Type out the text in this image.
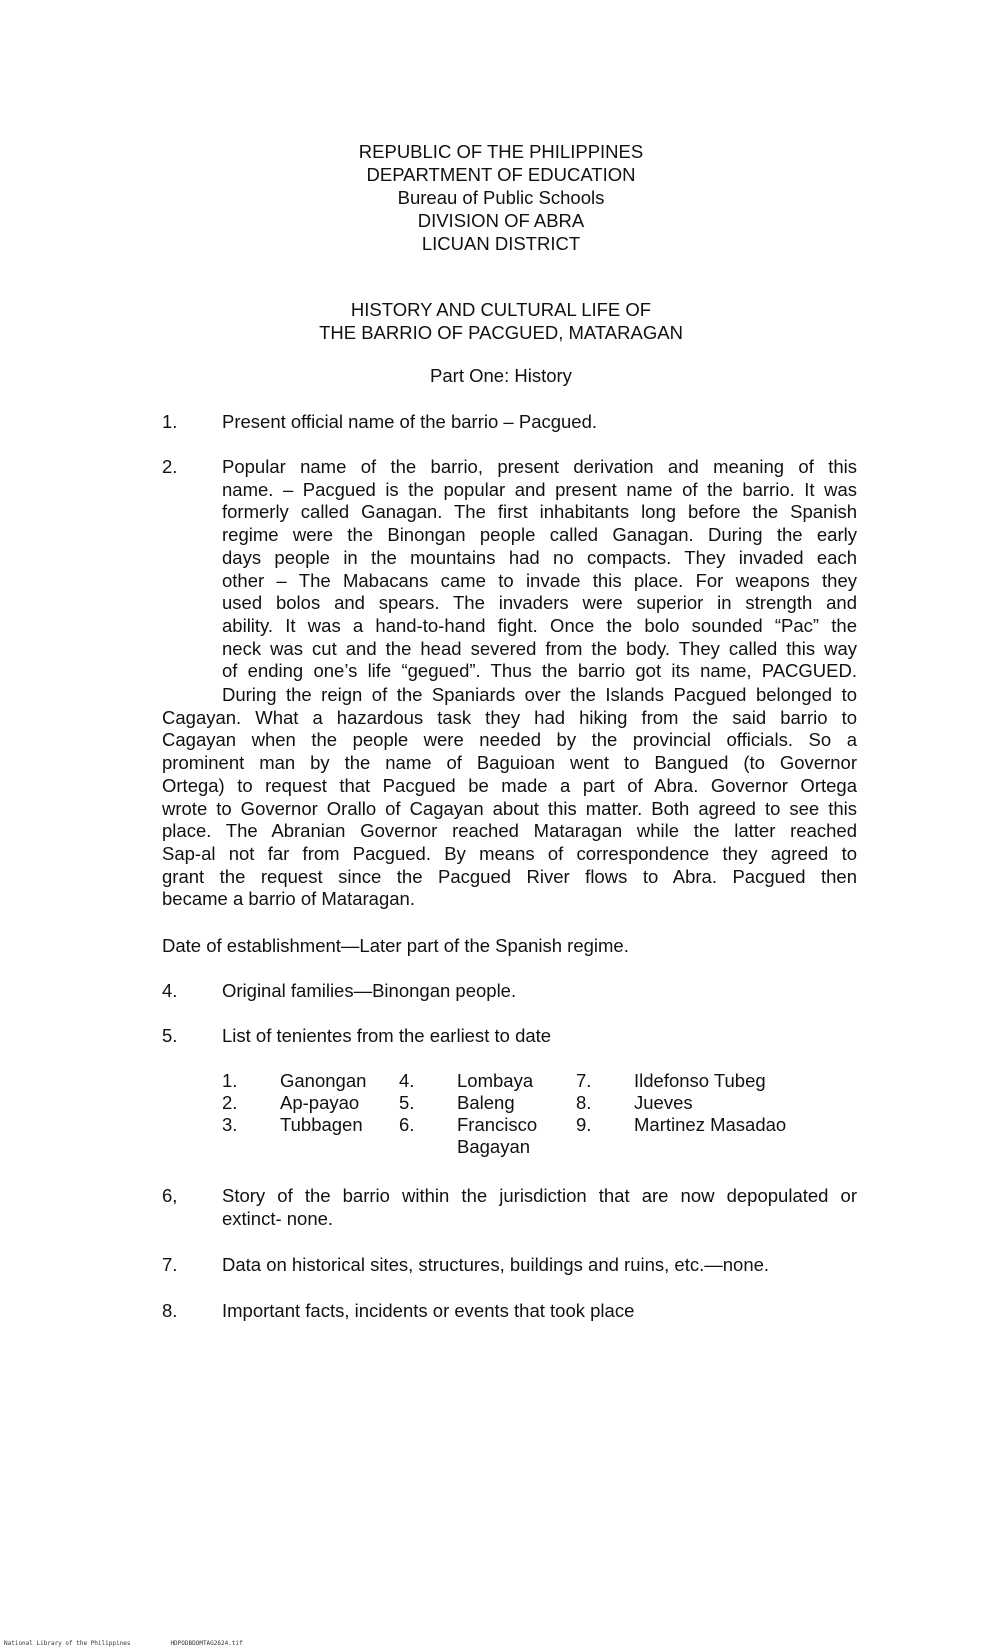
REPUBLIC OF THE PHILIPPINES
DEPARTMENT OF EDUCATION
Bureau of Public Schools
DIVISION OF ABRA
LICUAN DISTRICT
HISTORY AND CULTURAL LIFE OF
THE BARRIO OF PACGUED, MATARAGAN
Part One: History
1. Present official name of the barrio – Pacgued.
2. Popular name of the barrio, present derivation and meaning of this
name. – Pacgued is the popular and present name of the barrio. It was
formerly called Ganagan. The first inhabitants long before the Spanish
regime were the Binongan people called Ganagan. During the early
days people in the mountains had no compacts. They invaded each
other – The Mabacans came to invade this place. For weapons they
used bolos and spears. The invaders were superior in strength and
ability. It was a hand-to-hand fight. Once the bolo sounded “Pac” the
neck was cut and the head severed from the body. They called this way
of ending one’s life “gegued”. Thus the barrio got its name, PACGUED.
During the reign of the Spaniards over the Islands Pacgued belonged to
Cagayan. What a hazardous task they had hiking from the said barrio to
Cagayan when the people were needed by the provincial officials. So a
prominent man by the name of Baguioan went to Bangued (to Governor
Ortega) to request that Pacgued be made a part of Abra. Governor Ortega
wrote to Governor Orallo of Cagayan about this matter. Both agreed to see this
place. The Abranian Governor reached Mataragan while the latter reached
Sap-al not far from Pacgued. By means of correspondence they agreed to
grant the request since the Pacgued River flows to Abra. Pacgued then
became a barrio of Mataragan.
Date of establishment—Later part of the Spanish regime.
4. Original families—Binongan people.
5. List of tenientes from the earliest to date
1. Ganongan 4. Lombaya 7. Ildefonso Tubeg
2. Ap-payao 5. Baleng	8. Jueves
3. Tubbagen 6. Francisco 9. Martinez Masadao
Bagayan
6, Story of the barrio within the jurisdiction that are now depopulated or
extinct- none.
7. Data on historical sites, structures, buildings and ruins, etc.—none.
8. Important facts, incidents or events that took place
National Library of the Philippines	HDPODBDOMTAG2624.tif
